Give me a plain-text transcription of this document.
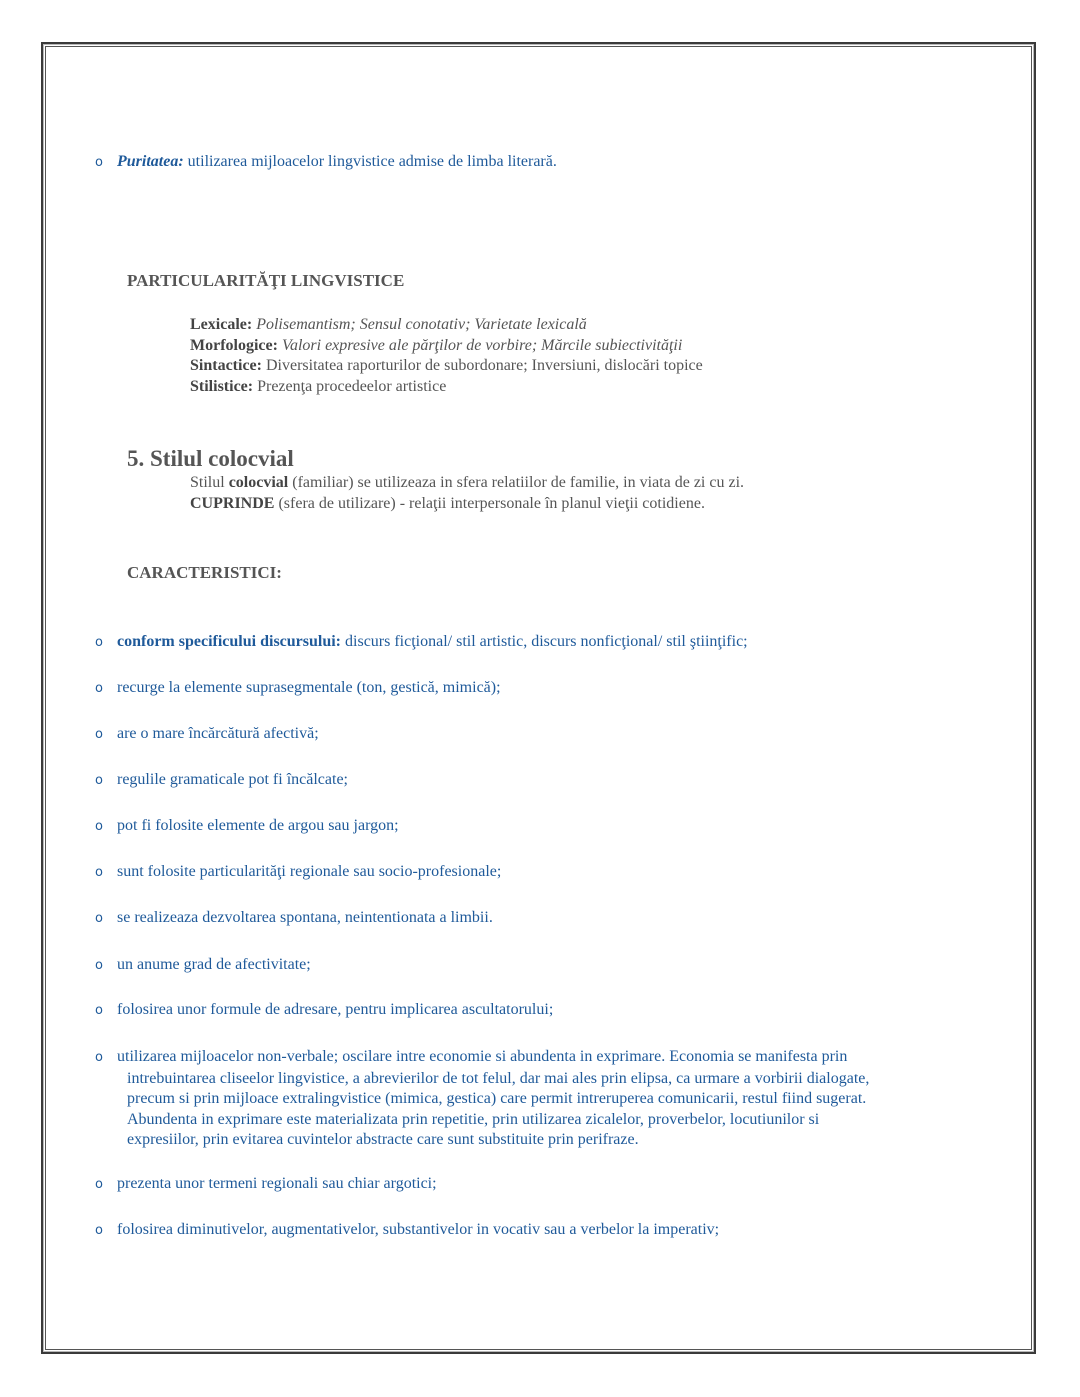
o Puritatea: utilizarea mijloacelor lingvistice admise de limba literară.
PARTICULARITĂŢI LINGVISTICE
Lexicale: Polisemantism; Sensul conotativ; Varietate lexicală
Morfologice: Valori expresive ale părţilor de vorbire; Mărcile subiectivităţii
Sintactice: Diversitatea raporturilor de subordonare; Inversiuni, dislocări topice
Stilistice: Prezenţa procedeelor artistice
5. Stilul colocvial
Stilul colocvial (familiar) se utilizeaza in sfera relatiilor de familie, in viata de zi cu zi.
CUPRINDE (sfera de utilizare) - relaţii interpersonale în planul vieţii cotidiene.
CARACTERISTICI:
o conform specificului discursului: discurs ficţional/ stil artistic, discurs nonficţional/ stil ştiinţific;
o recurge la elemente suprasegmentale (ton, gestică, mimică);
o are o mare încărcătură afectivă;
o regulile gramaticale pot fi încălcate;
o pot fi folosite elemente de argou sau jargon;
o sunt folosite particularităţi regionale sau socio-profesionale;
o se realizeaza dezvoltarea spontana, neintentionata a limbii.
o un anume grad de afectivitate;
o folosirea unor formule de adresare, pentru implicarea ascultatorului;
o utilizarea mijloacelor non-verbale; oscilare intre economie si abundenta in exprimare. Economia se manifesta prin
intrebuintarea cliseelor lingvistice, a abrevierilor de tot felul, dar mai ales prin elipsa, ca urmare a vorbirii dialogate,
precum si prin mijloace extralingvistice (mimica, gestica) care permit intreruperea comunicarii, restul fiind sugerat.
Abundenta in exprimare este materializata prin repetitie, prin utilizarea zicalelor, proverbelor, locutiunilor si
expresiilor, prin evitarea cuvintelor abstracte care sunt substituite prin perifraze.
o prezenta unor termeni regionali sau chiar argotici;
o folosirea diminutivelor, augmentativelor, substantivelor in vocativ sau a verbelor la imperativ;
